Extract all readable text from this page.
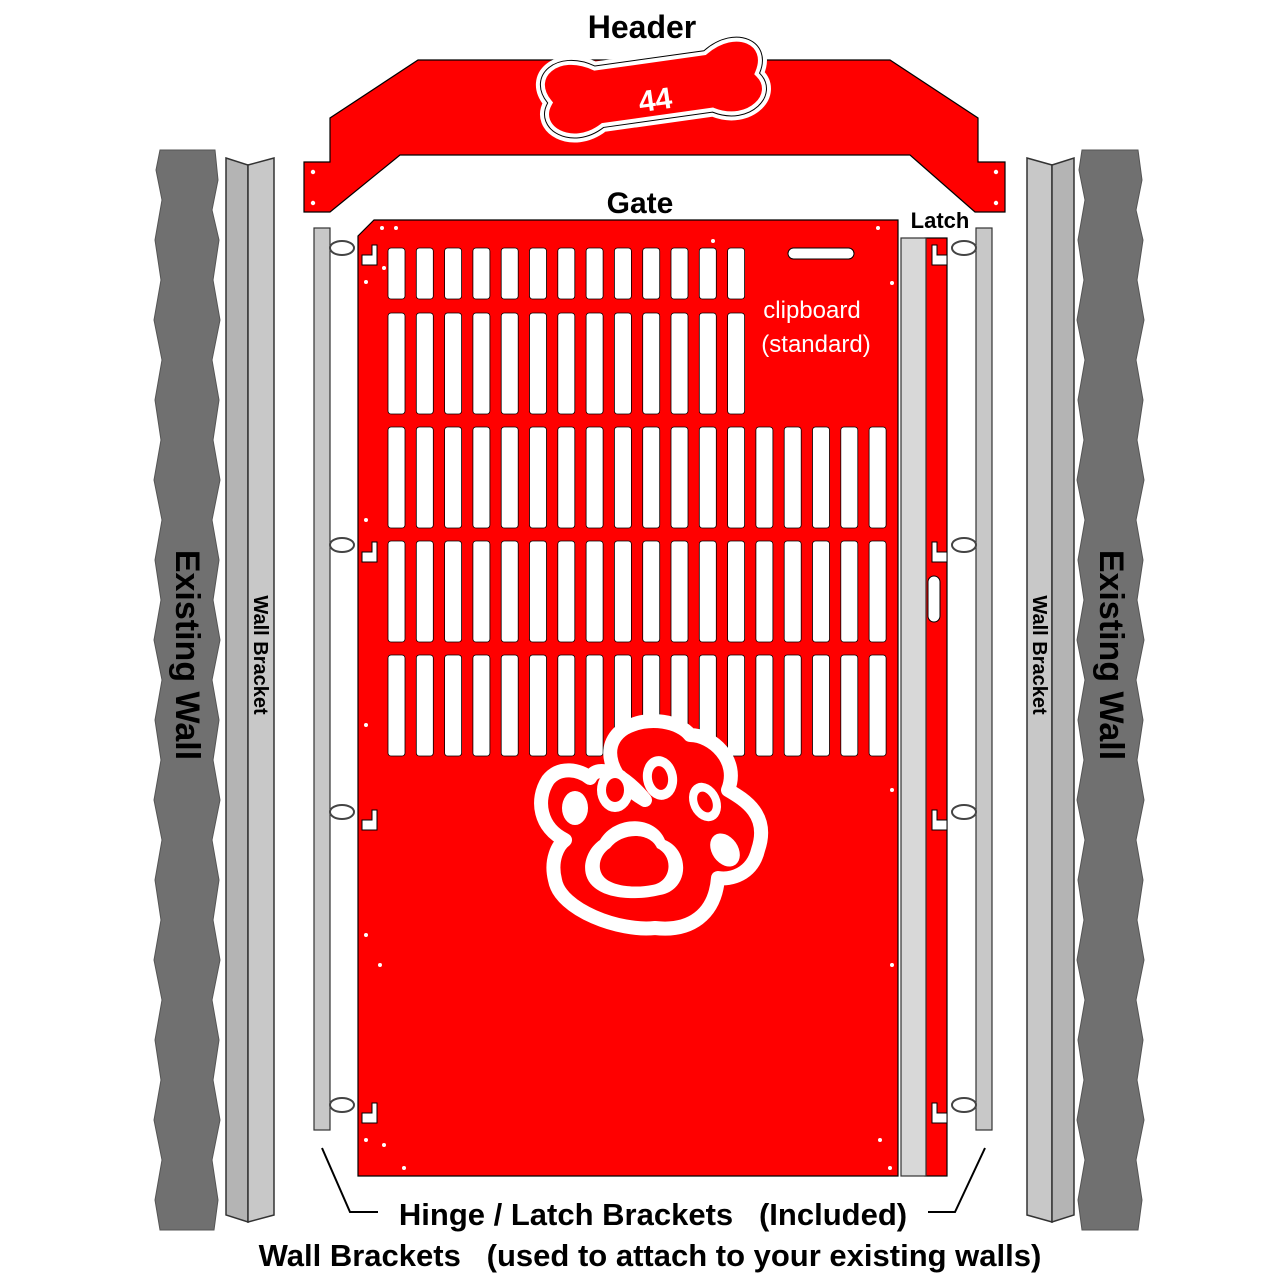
Existing Wall	Existing Wall
Wall Bracket	Wall Bracket
44
Header
Gate
clipboard
(standard)
Latch
Hinge / Latch Brackets   (Included)
Wall Brackets   (used to attach to your existing walls)
